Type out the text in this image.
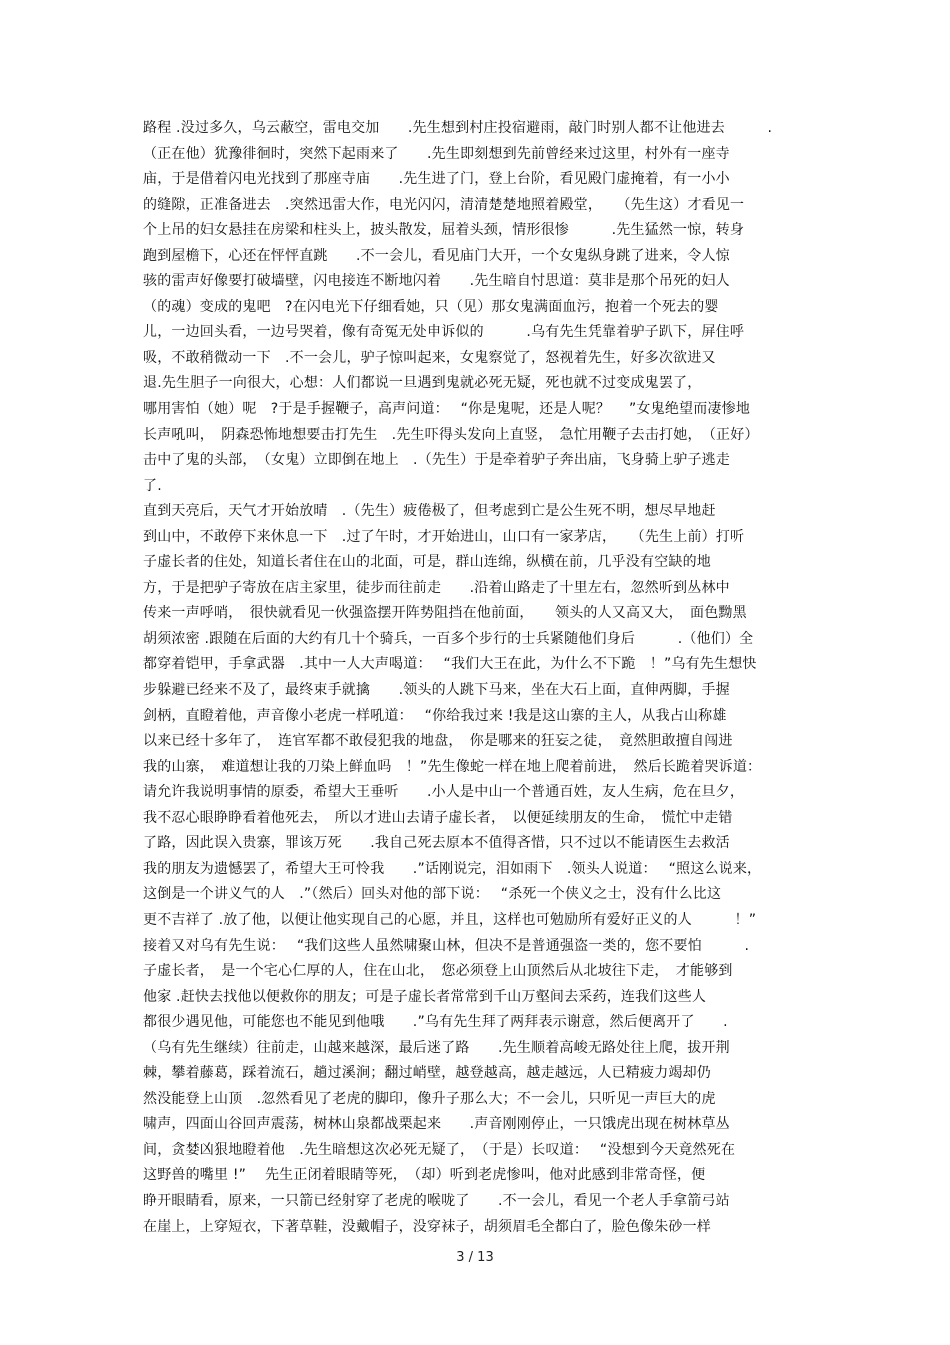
路程 .没过多久，乌云蔽空，雷电交加　　.先生想到村庄投宿避雨，敲门时别人都不让他进去　　　.
（正在他）犹豫徘徊时，突然下起雨来了　　.先生即刻想到先前曾经来过这里，村外有一座寺
庙，于是借着闪电光找到了那座寺庙　　.先生进了门，登上台阶，看见殿门虚掩着，有一小小
的缝隙，正准备进去　.突然迅雷大作，电光闪闪，清清楚楚地照着殿堂，　　（先生这）才看见一
个上吊的妇女悬挂在房梁和柱头上，披头散发，屈着头颈，情形很惨　　　.先生猛然一惊，转身
跑到屋檐下，心还在怦怦直跳　　.不一会儿，看见庙门大开，一个女鬼纵身跳了进来，令人惊
骇的雷声好像要打破墙壁，闪电接连不断地闪着　　.先生暗自忖思道：莫非是那个吊死的妇人
（的魂）变成的鬼吧　?在闪电光下仔细看她，只（见）那女鬼满面血污，抱着一个死去的婴
儿，一边回头看，一边号哭着，像有奇冤无处申诉似的　　　.乌有先生凭靠着驴子趴下，屏住呼
吸，不敢稍微动一下　.不一会儿，驴子惊叫起来，女鬼察觉了，怒视着先生，好多次欲进又
退.先生胆子一向很大，心想：人们都说一旦遇到鬼就必死无疑，死也就不过变成鬼罢了，
哪用害怕（她）呢　?于是手握鞭子，高声问道：　 “你是鬼呢，还是人呢？　 ”女鬼绝望而凄惨地
长声吼叫，　阴森恐怖地想要击打先生　.先生吓得头发向上直竖，　急忙用鞭子去击打她，　（正好）
击中了鬼的头部，　（女鬼）立即倒在地上　.（先生）于是牵着驴子奔出庙，飞身骑上驴子逃走
了.
直到天亮后，天气才开始放晴　.（先生）疲倦极了，但考虑到亡是公生死不明，想尽早地赶
到山中，不敢停下来休息一下　.过了午时，才开始进山，山口有一家茅店，　　（先生上前）打听
子虚长者的住处，知道长者住在山的北面，可是，群山连绵，纵横在前，几乎没有空缺的地
方，于是把驴子寄放在店主家里，徒步而往前走　　.沿着山路走了十里左右，忽然听到丛林中
传来一声呼哨，　很快就看见一伙强盗摆开阵势阻挡在他前面，　　领头的人又高又大，　面色黝黑
胡须浓密 .跟随在后面的大约有几十个骑兵，一百多个步行的士兵紧随他们身后　　　.（他们）全
都穿着铠甲，手拿武器　.其中一人大声喝道：　 “我们大王在此，为什么不下跪　！”乌有先生想快
步躲避已经来不及了，最终束手就擒　　.领头的人跳下马来，坐在大石上面，直伸两脚，手握
剑柄，直瞪着他，声音像小老虎一样吼道：　 “你给我过来 !我是这山寨的主人，从我占山称雄
以来已经十多年了，　连官军都不敢侵犯我的地盘，　你是哪来的狂妄之徒，　竟然胆敢擅自闯进
我的山寨，　难道想让我的刀染上鲜血吗　！”先生像蛇一样在地上爬着前进，　然后长跪着哭诉道：
请允许我说明事情的原委，希望大王垂听　　.小人是中山一个普通百姓，友人生病，危在旦夕，
我不忍心眼睁睁看着他死去，　所以才进山去请子虚长者，　以便延续朋友的生命，　慌忙中走错
了路，因此误入贵寨，罪该万死　　.我自己死去原本不值得吝惜，只不过以不能请医生去救活
我的朋友为遗憾罢了，希望大王可怜我　　.”话刚说完，泪如雨下　.领头人说道：　 “照这么说来，
这倒是一个讲义气的人　.”（然后）回头对他的部下说：　 “杀死一个侠义之士，没有什么比这
更不吉祥了 .放了他，以便让他实现自己的心愿，并且，这样也可勉励所有爱好正义的人　　　！”
接着又对乌有先生说：　 “我们这些人虽然啸聚山林，但决不是普通强盗一类的，您不要怕　　　.
子虚长者，　是一个宅心仁厚的人，住在山北，　您必须登上山顶然后从北坡往下走，　才能够到
他家 .赶快去找他以便救你的朋友；可是子虚长者常常到千山万壑间去采药，连我们这些人
都很少遇见他，可能您也不能见到他哦　　.”乌有先生拜了两拜表示谢意，然后便离开了　　.
（乌有先生继续）往前走，山越来越深，最后迷了路　　.先生顺着高峻无路处往上爬，拔开荆
棘，攀着藤葛，踩着流石，趟过溪涧；翻过峭壁，越登越高，越走越远，人已精疲力竭却仍
然没能登上山顶　.忽然看见了老虎的脚印，像升子那么大；不一会儿，只听见一声巨大的虎
啸声，四面山谷回声震荡，树林山泉都战栗起来　　.声音刚刚停止，一只饿虎出现在树林草丛
间，贪婪凶狠地瞪着他　.先生暗想这次必死无疑了，　（于是）长叹道：　 “没想到今天竟然死在
这野兽的嘴里 !”　 先生正闭着眼睛等死，　（却）听到老虎惨叫，他对此感到非常奇怪，便
睁开眼睛看，原来，一只箭已经射穿了老虎的喉咙了　　.不一会儿，看见一个老人手拿箭弓站
在崖上，上穿短衣，下著草鞋，没戴帽子，没穿袜子，胡须眉毛全都白了，脸色像朱砂一样
3 / 13
